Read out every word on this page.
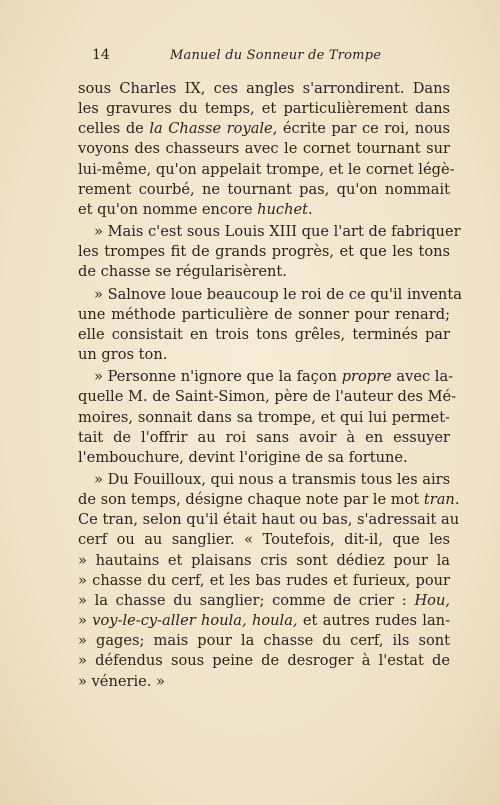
14	Manuel du Sonneur de Trompe

sous Charles IX, ces angles s'arrondirent. Dans
les gravures du temps, et particulièrement dans
celles de la Chasse royale, écrite par ce roi, nous
voyons des chasseurs avec le cornet tournant sur
lui-même, qu'on appelait trompe, et le cornet légè-
rement courbé, ne tournant pas, qu'on nommait
et qu'on nomme encore huchet.

» Mais c'est sous Louis XIII que l'art de fabriquer
les trompes fit de grands progrès, et que les tons
de chasse se régularisèrent.

» Salnove loue beaucoup le roi de ce qu'il inventa
une méthode particulière de sonner pour renard;
elle consistait en trois tons grêles, terminés par
un gros ton.

» Personne n'ignore que la façon propre avec la-
quelle M. de Saint-Simon, père de l'auteur des Mé-
moires, sonnait dans sa trompe, et qui lui permet-
tait de l'offrir au roi sans avoir à en essuyer
l'embouchure, devint l'origine de sa fortune.

» Du Fouilloux, qui nous a transmis tous les airs
de son temps, désigne chaque note par le mot tran.
Ce tran, selon qu'il était haut ou bas, s'adressait au
cerf ou au sanglier. « Toutefois, dit-il, que les
» hautains et plaisans cris sont dédiez pour la
» chasse du cerf, et les bas rudes et furieux, pour
» la chasse du sanglier; comme de crier : Hou,
» voy-le-cy-aller houla, houla, et autres rudes lan-
» gages; mais pour la chasse du cerf, ils sont
» défendus sous peine de desroger à l'estat de
» vénerie. »
